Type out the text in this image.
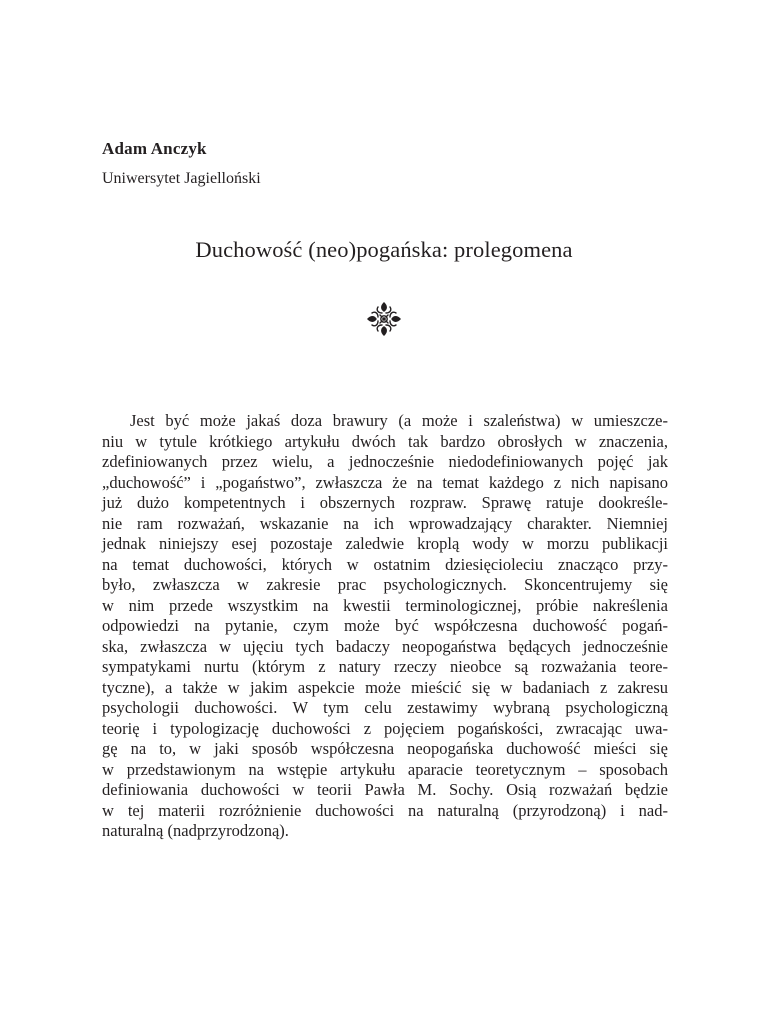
Adam Anczyk
Uniwersytet Jagielloński
Duchowość (neo)pogańska: prolegomena
Jest być może jakaś doza brawury (a może i szaleństwa) w umieszcze-
niu w tytule krótkiego artykułu dwóch tak bardzo obrosłych w znaczenia,
zdefiniowanych przez wielu, a jednocześnie niedodefiniowanych pojęć jak
„duchowość” i „pogaństwo”, zwłaszcza że na temat każdego z nich napisano
już dużo kompetentnych i obszernych rozpraw. Sprawę ratuje dookreśle-
nie ram rozważań, wskazanie na ich wprowadzający charakter. Niemniej
jednak niniejszy esej pozostaje zaledwie kroplą wody w morzu publikacji
na temat duchowości, których w ostatnim dziesięcioleciu znacząco przy-
było, zwłaszcza w zakresie prac psychologicznych. Skoncentrujemy się
w nim przede wszystkim na kwestii terminologicznej, próbie nakreślenia
odpowiedzi na pytanie, czym może być współczesna duchowość pogań-
ska, zwłaszcza w ujęciu tych badaczy neopogaństwa będących jednocześnie
sympatykami nurtu (którym z natury rzeczy nieobce są rozważania teore-
tyczne), a także w jakim aspekcie może mieścić się w badaniach z zakresu
psychologii duchowości. W tym celu zestawimy wybraną psychologiczną
teorię i typologizację duchowości z pojęciem pogańskości, zwracając uwa-
gę na to, w jaki sposób współczesna neopogańska duchowość mieści się
w przedstawionym na wstępie artykułu aparacie teoretycznym – sposobach
definiowania duchowości w teorii Pawła M. Sochy. Osią rozważań będzie
w tej materii rozróżnienie duchowości na naturalną (przyrodzoną) i nad-
naturalną (nadprzyrodzoną).
